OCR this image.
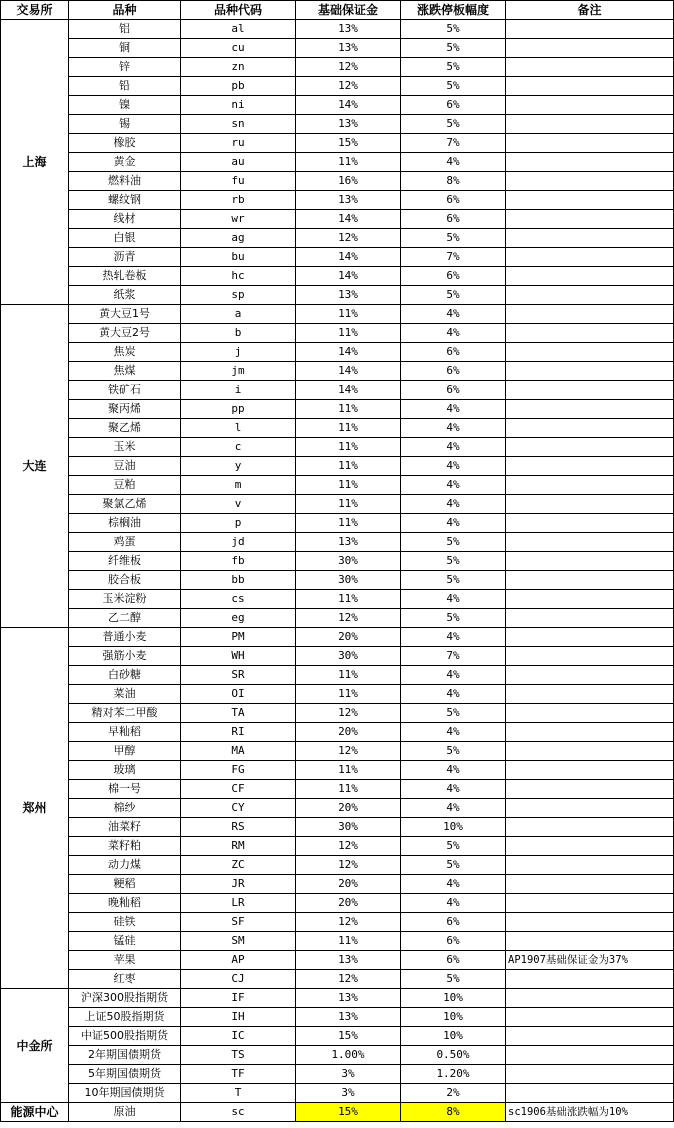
交易所	品种	品种代码	基础保证金	涨跌停板幅度	备注
上海	铝	al	13%	5%	
	铜	cu	13%	5%	
	锌	zn	12%	5%	
	铅	pb	12%	5%	
	镍	ni	14%	6%	
	锡	sn	13%	5%	
	橡胶	ru	15%	7%	
	黄金	au	11%	4%	
	燃料油	fu	16%	8%	
	螺纹钢	rb	13%	6%	
	线材	wr	14%	6%	
	白银	ag	12%	5%	
	沥青	bu	14%	7%	
	热轧卷板	hc	14%	6%	
	纸浆	sp	13%	5%	
大连	黄大豆1号	a	11%	4%	
	黄大豆2号	b	11%	4%	
	焦炭	j	14%	6%	
	焦煤	jm	14%	6%	
	铁矿石	i	14%	6%	
	聚丙烯	pp	11%	4%	
	聚乙烯	l	11%	4%	
	玉米	c	11%	4%	
	豆油	y	11%	4%	
	豆粕	m	11%	4%	
	聚氯乙烯	v	11%	4%	
	棕榈油	p	11%	4%	
	鸡蛋	jd	13%	5%	
	纤维板	fb	30%	5%	
	胶合板	bb	30%	5%	
	玉米淀粉	cs	11%	4%	
	乙二醇	eg	12%	5%	
郑州	普通小麦	PM	20%	4%	
	强筋小麦	WH	30%	7%	
	白砂糖	SR	11%	4%	
	菜油	OI	11%	4%	
	精对苯二甲酸	TA	12%	5%	
	早籼稻	RI	20%	4%	
	甲醇	MA	12%	5%	
	玻璃	FG	11%	4%	
	棉一号	CF	11%	4%	
	棉纱	CY	20%	4%	
	油菜籽	RS	30%	10%	
	菜籽粕	RM	12%	5%	
	动力煤	ZC	12%	5%	
	粳稻	JR	20%	4%	
	晚籼稻	LR	20%	4%	
	硅铁	SF	12%	6%	
	锰硅	SM	11%	6%	
	苹果	AP	13%	6%	AP1907基础保证金为37%
	红枣	CJ	12%	5%	
中金所	沪深300股指期货	IF	13%	10%	
	上证50股指期货	IH	13%	10%	
	中证500股指期货	IC	15%	10%	
	2年期国债期货	TS	1.00%	0.50%	
	5年期国债期货	TF	3%	1.20%	
	10年期国债期货	T	3%	2%	
能源中心	原油	sc	15%	8%	sc1906基础涨跌幅为10%
